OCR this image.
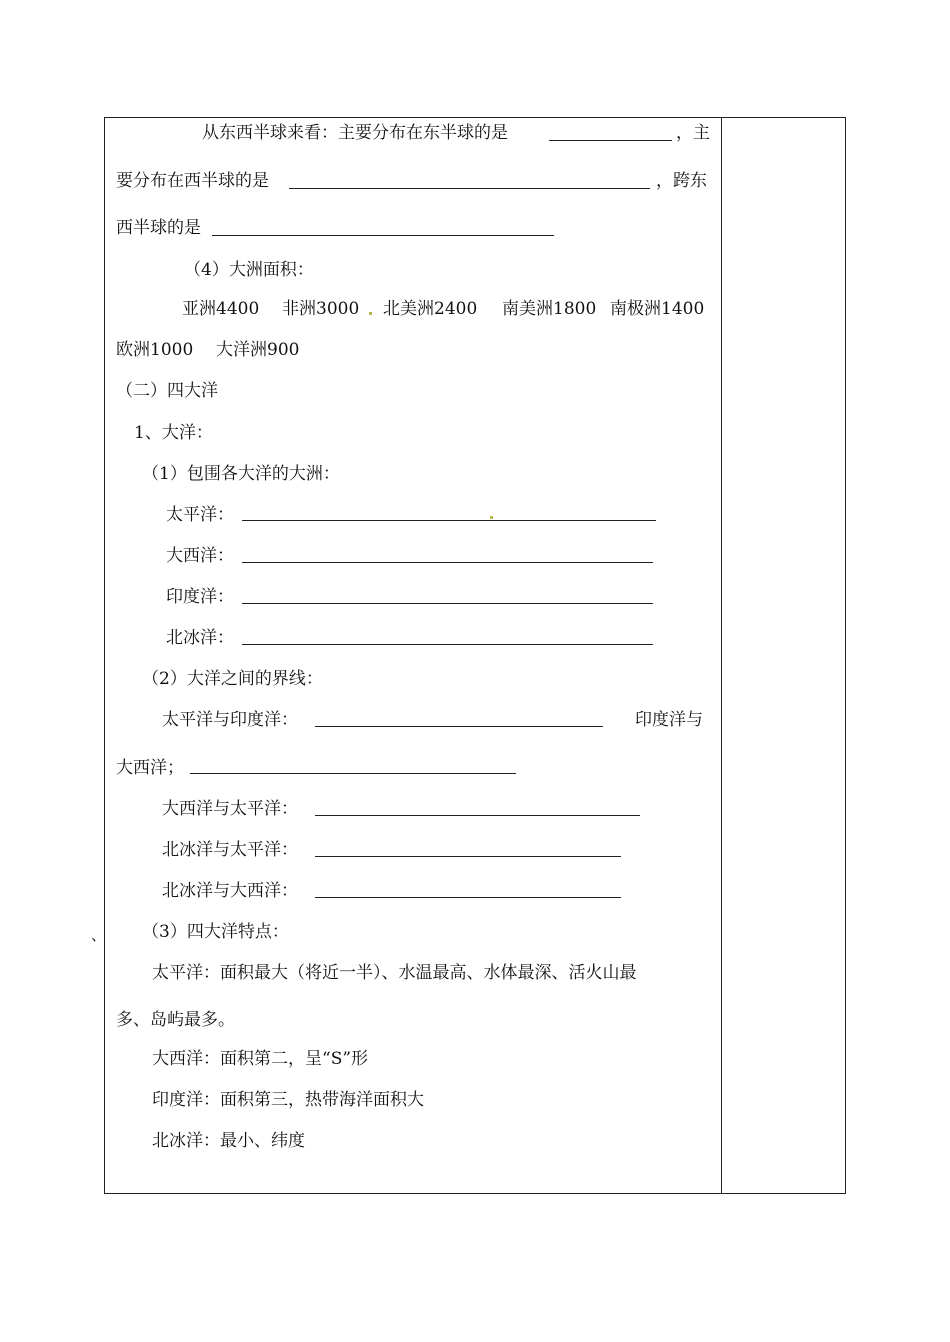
从东西半球来看：主要分布在东半球的是	，主
要分布在西半球的是	，跨东
西半球的是
（4）大洲面积：
亚洲4400 非洲3000 北美洲2400 南美洲1800 南极洲1400
欧洲1000 大洋洲900
（二）四大洋
1、大洋：
（1）包围各大洋的大洲：
太平洋：
大西洋：
印度洋：
北冰洋：
（2）大洋之间的界线：
太平洋与印度洋：	印度洋与
大西洋；
大西洋与太平洋：
北冰洋与太平洋：
北冰洋与大西洋：
、 （3）四大洋特点：
太平洋：面积最大（将近一半）、水温最高、水体最深、活火山最
多、岛屿最多。
大西洋：面积第二，呈“S”形
印度洋：面积第三，热带海洋面积大
北冰洋：最小、纬度
